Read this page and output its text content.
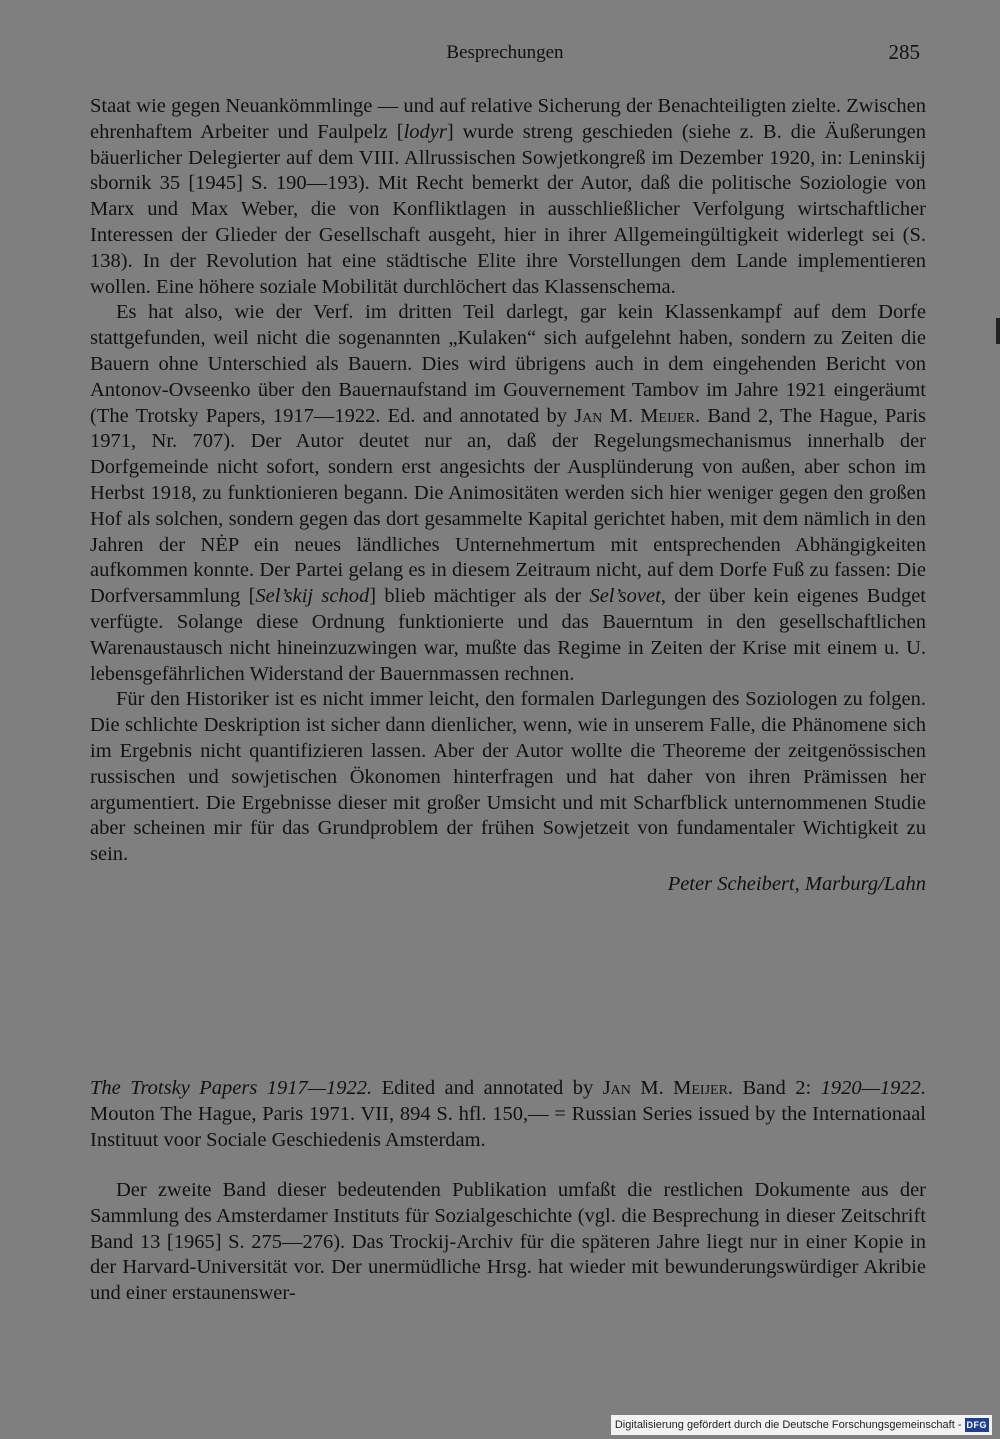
Besprechungen	285

Staat wie gegen Neuankömmlinge — und auf relative Sicherung der Benachteiligten zielte. Zwischen ehrenhaftem Arbeiter und Faulpelz [lodyr] wurde streng geschieden (siehe z. B. die Äußerungen bäuerlicher Delegierter auf dem VIII. Allrussischen Sowjetkongreß im Dezember 1920, in: Leninskij sbornik 35 [1945] S. 190—193). Mit Recht bemerkt der Autor, daß die politische Soziologie von Marx und Max Weber, die von Konfliktlagen in ausschließlicher Verfolgung wirtschaftlicher Interessen der Glieder der Gesellschaft ausgeht, hier in ihrer Allgemeingültigkeit widerlegt sei (S. 138). In der Revolution hat eine städtische Elite ihre Vorstellungen dem Lande implementieren wollen. Eine höhere soziale Mobilität durchlöchert das Klassenschema.

Es hat also, wie der Verf. im dritten Teil darlegt, gar kein Klassenkampf auf dem Dorfe stattgefunden, weil nicht die sogenannten „Kulaken“ sich aufgelehnt haben, sondern zu Zeiten die Bauern ohne Unterschied als Bauern. Dies wird übrigens auch in dem eingehenden Bericht von Antonov-Ovseenko über den Bauernaufstand im Gouvernement Tambov im Jahre 1921 eingeräumt (The Trotsky Papers, 1917—1922. Ed. and annotated by Jan M. Meijer. Band 2, The Hague, Paris 1971, Nr. 707). Der Autor deutet nur an, daß der Regelungsmechanismus innerhalb der Dorfgemeinde nicht sofort, sondern erst angesichts der Ausplünderung von außen, aber schon im Herbst 1918, zu funktionieren begann. Die Animositäten werden sich hier weniger gegen den großen Hof als solchen, sondern gegen das dort gesammelte Kapital gerichtet haben, mit dem nämlich in den Jahren der NĖP ein neues ländliches Unternehmertum mit entsprechenden Abhängigkeiten aufkommen konnte. Der Partei gelang es in diesem Zeitraum nicht, auf dem Dorfe Fuß zu fassen: Die Dorfversammlung [Sel’skij schod] blieb mächtiger als der Sel’sovet, der über kein eigenes Budget verfügte. Solange diese Ordnung funktionierte und das Bauerntum in den gesellschaftlichen Warenaustausch nicht hineinzuzwingen war, mußte das Regime in Zeiten der Krise mit einem u. U. lebensgefährlichen Widerstand der Bauernmassen rechnen.

Für den Historiker ist es nicht immer leicht, den formalen Darlegungen des Soziologen zu folgen. Die schlichte Deskription ist sicher dann dienlicher, wenn, wie in unserem Falle, die Phänomene sich im Ergebnis nicht quantifizieren lassen. Aber der Autor wollte die Theoreme der zeitgenössischen russischen und sowjetischen Ökonomen hinterfragen und hat daher von ihren Prämissen her argumentiert. Die Ergebnisse dieser mit großer Umsicht und mit Scharfblick unternommenen Studie aber scheinen mir für das Grundproblem der frühen Sowjetzeit von fundamentaler Wichtigkeit zu sein.

Peter Scheibert, Marburg/Lahn

The Trotsky Papers 1917—1922. Edited and annotated by Jan M. Meijer. Band 2: 1920—1922. Mouton The Hague, Paris 1971. VII, 894 S. hfl. 150,— = Russian Series issued by the Internationaal Instituut voor Sociale Geschiedenis Amsterdam.

Der zweite Band dieser bedeutenden Publikation umfaßt die restlichen Dokumente aus der Sammlung des Amsterdamer Instituts für Sozialgeschichte (vgl. die Besprechung in dieser Zeitschrift Band 13 [1965] S. 275—276). Das Trockij-Archiv für die späteren Jahre liegt nur in einer Kopie in der Harvard-Universität vor. Der unermüdliche Hrsg. hat wieder mit bewunderungswürdiger Akribie und einer erstaunenswer-

Digitalisierung gefördert durch die Deutsche Forschungsgemeinschaft - DFG
